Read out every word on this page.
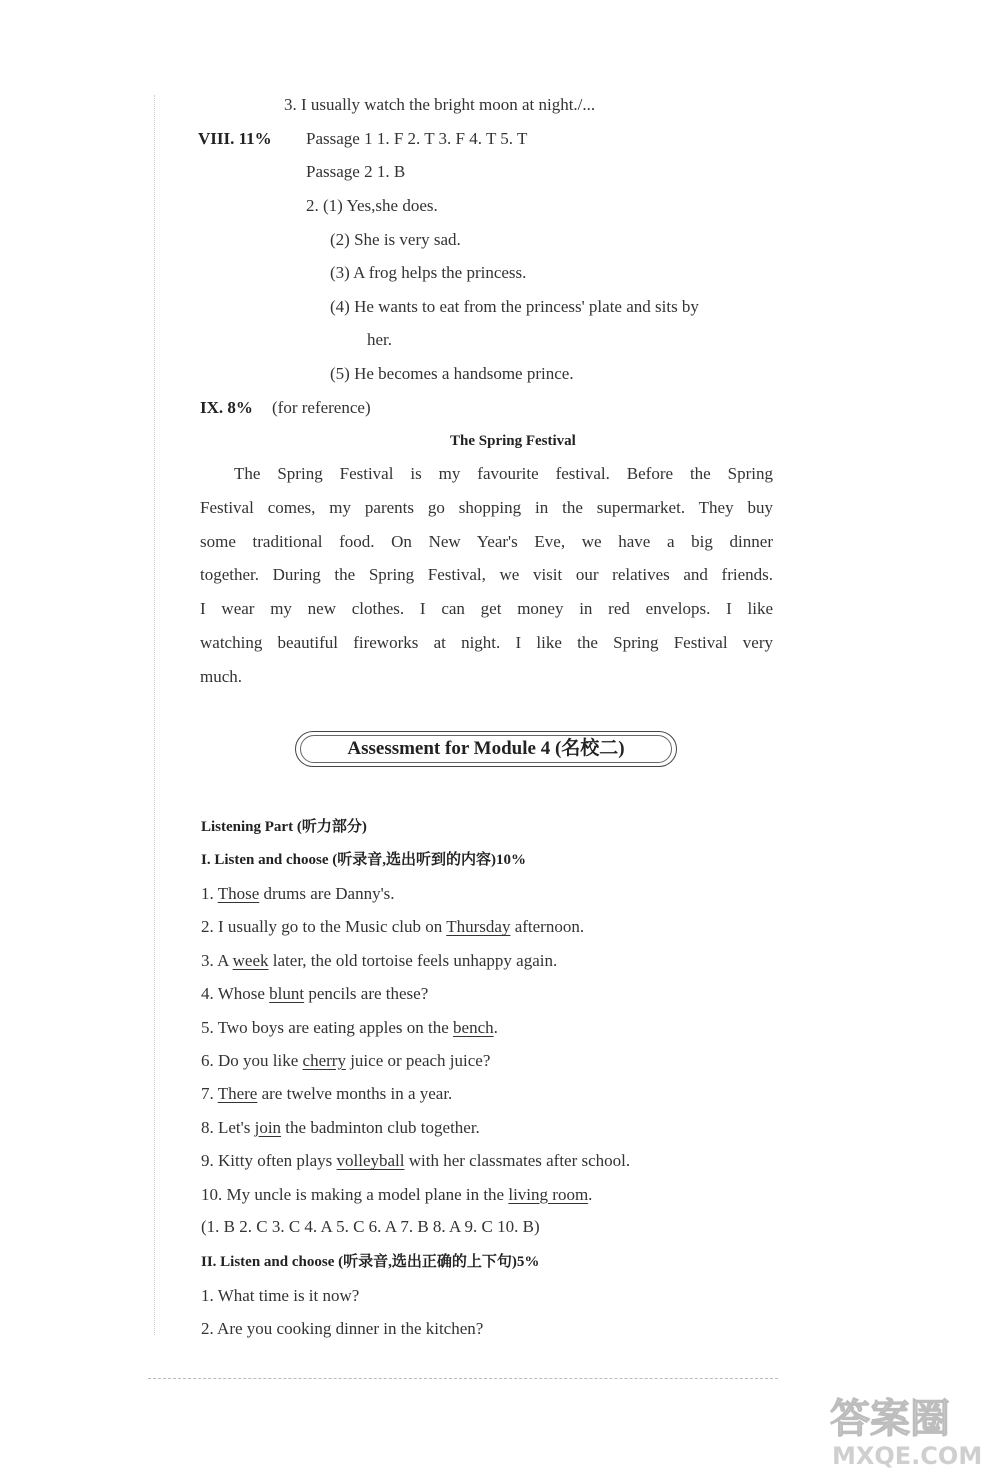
3. I usually watch the bright moon at night./...
VIII. 11% Passage 1 1. F 2. T 3. F 4. T 5. T
Passage 2 1. B
2. (1) Yes,she does.
(2) She is very sad.
(3) A frog helps the princess.
(4) He wants to eat from the princess' plate and sits by
her.
(5) He becomes a handsome prince.
IX. 8% (for reference)
The Spring Festival
The Spring Festival is my favourite festival. Before the Spring
Festival comes, my parents go shopping in the supermarket. They buy
some traditional food. On New Year's Eve, we have a big dinner
together. During the Spring Festival, we visit our relatives and friends.
I wear my new clothes. I can get money in red envelops. I like
watching beautiful fireworks at night. I like the Spring Festival very
much.
Assessment for Module 4 (名校二)
Listening Part (听力部分)
I. Listen and choose (听录音,选出听到的内容)10%
1. Those drums are Danny's.
2. I usually go to the Music club on Thursday afternoon.
3. A week later, the old tortoise feels unhappy again.
4. Whose blunt pencils are these?
5. Two boys are eating apples on the bench.
6. Do you like cherry juice or peach juice?
7. There are twelve months in a year.
8. Let's join the badminton club together.
9. Kitty often plays volleyball with her classmates after school.
10. My uncle is making a model plane in the living room.
(1. B 2. C 3. C 4. A 5. C 6. A 7. B 8. A 9. C 10. B)
II. Listen and choose (听录音,选出正确的上下句)5%
1. What time is it now?
2. Are you cooking dinner in the kitchen?
答案圈
MXQE.COM
